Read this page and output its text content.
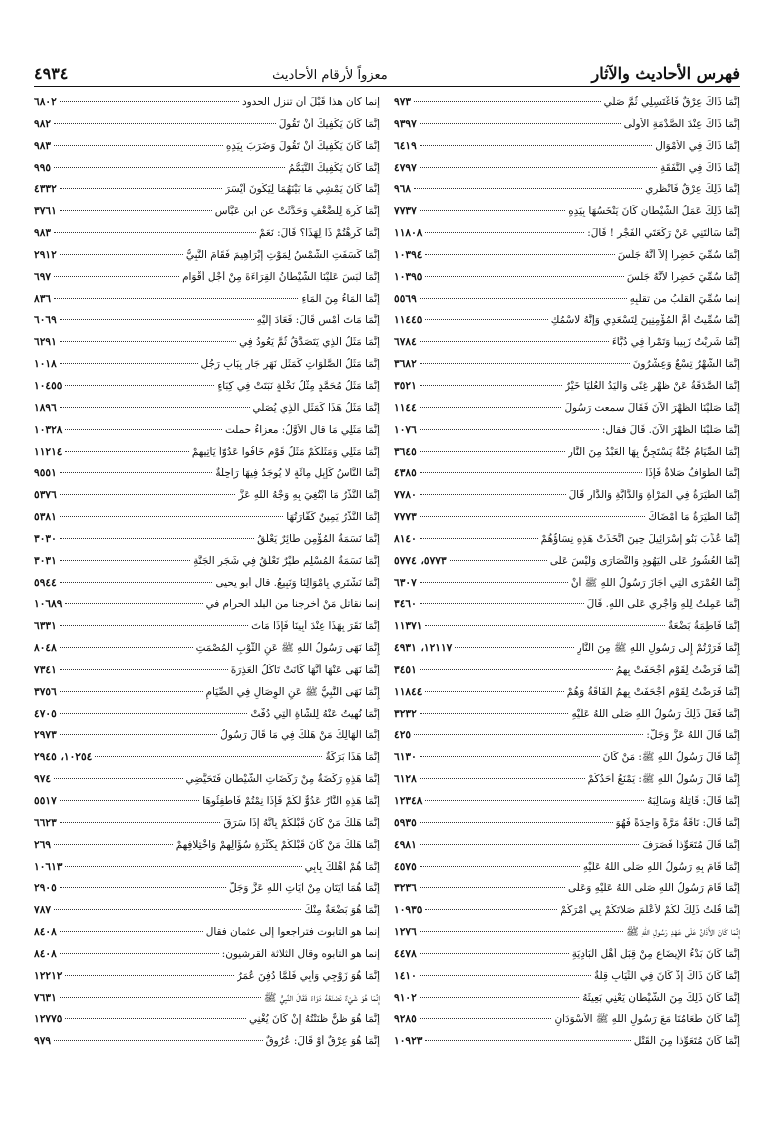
٤٩٣٤	معزواً لأرقام الأحاديث	فهرس الأحاديث والآثار
إِنَّمَا ذَاكَ عِرْقٌ فَاغْتَسِلِي ثُمَّ صَلِّي
٩٧٣
إِنَّمَا ذَاكَ عِنْدَ الصَّدْمَةِ الأُولَى
٩٣٩٧
إِنَّمَا ذَاكَ فِي الأَمْوَالِ
٦٤١٩
إِنَّمَا ذَاكَ فِي النَّفَقَةِ
٤٧٩٧
إِنَّمَا ذَلِكَ عِرْقٌ فَانْظُرِي
٩٦٨
إِنَّمَا ذَلِكَ عَمَلُ الشَّيْطَانِ كَانَ يَنْخَسُهَا بِيَدِهِ
٧٧٣٧
إِنَّمَا سَأَلْتَنِي عَنْ رَكْعَتَيِ الْفَجْرِ ! قَالَ:
١١٨٠٨
إِنَّمَا سُمِّيَ خَضِراً إِلاَّ أَنَّهُ جَلَسَ
١٠٣٩٤
إِنَّمَا سُمِّيَ خَضِراً لأَنَّهُ جَلَسَ
١٠٣٩٥
إنما سُمِّيَ القلبُ من تقلُّبِهِ
٥٥٦٩
إِنَّمَا سُمِّيتُ أُمَّ الْمُؤْمِنِينَ لِتَسْعَدِي وَإِنَّهُ لاسْمُكِ
١١٤٤٥
إِنَّمَا شَرِبْتُ زَبِيباً وَتَمْراً فِي دُبَّاءَ
٦٧٨٤
إِنَّمَا الشَّهْرُ تِسْعٌ وَعِشْرُونَ
٣٦٨٢
إِنَّمَا الصَّدَقَةُ عَنْ ظَهْرِ غِنًى وَالْيَدُ الْعُلْيَا خَيْرٌ
٣٥٢١
إِنَّمَا صَلَّيْنَا الظُّهْرَ الآنَ فَقَالَ سمعت رَسُولَ
١١٤٤
إِنَّمَا صَلَّيْنَا الظُّهْرَ الآنَ. قَالَ فقال:
١٠٧٦
إِنَّمَا الصِّيَامُ جُنَّةٌ يَسْتَجِنُّ بِهَا الْعَبْدُ مِنَ النَّارِ
٣٦٤٥
إِنَّمَا الطَّوَافُ صَلاةٌ فَإِذَا
٤٣٨٥
إِنَّمَا الطِّيَرَةُ فِي الْمَرْأَةِ وَالدَّابَّةِ وَالدَّارِ قَالَ
٧٧٨٠
إِنَّمَا الطِّيَرَةُ مَا أَمْضَاكَ
٧٧٧٣
إِنَّمَا عُذِّبَ بَنُو إِسْرَائِيلَ حِينَ اتَّخَذَتْ هَذِهِ نِسَاؤُهُمْ
٨١٤٠
إِنَّمَا الْعُشُورُ عَلَى الْيَهُودِ وَالنَّصَارَى وَلَيْسَ عَلَى
٥٧٧٣، ٥٧٧٤
إِنَّمَا الْعُمْرَى الَّتِي أَجَازَ رَسُولُ اللهِ ﷺ أَنْ
٦٣٠٧
إِنَّمَا عَمِلْتُ لِلَّهِ وَأَجْرِي عَلَى اللهِ. قَالَ
٣٤٦٠
إِنَّمَا فَاطِمَةُ بَضْعَةٌ
١١٣٧١
إِنَّمَا فَرَرْتُمْ إِلَى رَسُولِ اللهِ ﷺ مِنَ النَّارِ
١٢١١٧، ٤٩٣١
إِنَّمَا فَرَضْتُ لِقَوْمٍ أَجْحَفَتْ بِهِمُ
٣٤٥١
إِنَّمَا فَرَضْتُ لِقَوْمٍ أَجْحَفَتْ بِهِمُ الْفَاقَةُ وَهُمْ
١١٨٤٤
إِنَّمَا فَعَلَ ذَلِكَ رَسُولُ اللهِ صَلَّى اللهُ عَلَيْهِ
٣٢٣٢
إِنَّمَا قَالَ اللهُ عَزَّ وَجَلَّ:
٤٢٥
إِنَّمَا قَالَ رَسُولُ اللهِ ﷺ: مَنْ كَانَ
٦١٣٠
إِنَّمَا قَالَ رَسُولُ اللهِ ﷺ: يَمْنَعُ أَحَدُكُمْ
٦١٢٨
إِنَّمَا قَالَ: قَاتِلَهُ وَسَالِبَهُ
١٢٣٤٨
إِنَّمَا قَالَ: نَاقَةٌ مَرَّةً وَاحِدَةً فَهُوَ
٥٩٣٥
إِنَّمَا قَالَ مُتَعَوِّذاً فَصَرَفَ
٤٩٨١
إِنَّمَا قَامَ بِهِ رَسُولُ اللهِ صَلَّى اللهُ عَلَيْهِ
٤٥٧٥
إِنَّمَا قَامَ رَسُولُ اللهِ صَلَّى اللهُ عَلَيْهِ وَعَلَى
٣٢٣٦
إِنَّمَا قُلْتُ ذَلِكَ لَكُمْ لأَعْلَمَ صَلاتَكُمْ بِي أَمْرَكُمْ
١٠٩٣٥
إِنَّمَا كَانَ الأَذَانُ عَلَى عَهْدِ رَسُولِ اللهِ ﷺ
١٢٧٦
إِنَّمَا كَانَ بَدْءُ الإِيضَاعِ مِنْ قِبَلِ أَهْلِ الْبَادِيَةِ
٤٤٧٨
إِنَّمَا كَانَ ذَاكَ إِذْ كَانَ فِي الثِّيَابِ قِلَّةٌ
١٤١٠
إِنَّمَا كَانَ ذَلِكَ مِنَ الشَّيْطَانِ يَعْنِي بَعِيثَهُ
٩١٠٢
إِنَّمَا كَانَ طَعَامُنَا مَعَ رَسُولِ اللهِ ﷺ الأَسْوَدَانِ
٩٢٨٥
إِنَّمَا كَانَ مُتَعَوِّذاً مِنَ الْقَتْلِ
١٠٩٢٣
إنما كان هذا قَبْلَ أن تنزل الحدود
٦٨٠٢
إِنَّمَا كَانَ يَكْفِيكَ أَنْ تَقُولَ
٩٨٢
إِنَّمَا كَانَ يَكْفِيكَ أَنْ تَقُولَ وَضَرَبَ بِيَدِهِ
٩٨٣
إِنَّمَا كَانَ يَكْفِيكَ التَّيَمُّمُ
٩٩٥
إِنَّمَا كَانَ يَمْشِي مَا بَيْنَهُمَا لِيَكُونَ أَيْسَرَ
٤٣٣٢
إِنَّمَا كُرِهَ لِلضَّعْفِ وَحَدَّثَتْ عن ابنِ عَبَّاسٍ
٣٧٦١
إِنَّمَا كَرِهْتُمْ ذَا لِهَذَا؟ قَالَ: نَعَمْ
٩٨٣
إِنَّمَا كَسَفَتِ الشَّمْسُ لِمَوْتِ إِبْرَاهِيمَ فَقَامَ النَّبِيُّ
٢٩١٢
إِنَّمَا لَبَسَ عَلَيْنَا الشَّيْطَانُ الْقِرَاءَةَ مِنْ أَجْلِ أَقْوَامٍ
٦٩٧
إِنَّمَا الْمَاءُ مِنَ الْمَاءِ
٨٣٦
إِنَّمَا مَاتَ أَمْسِ قَالَ: فَعَادَ إِلَيْهِ
٦٠٦٩
إِنَّمَا مَثَلُ الَّذِي يَتَصَدَّقُ ثُمَّ يَعُودُ فِي
٦٢٩١
إِنَّمَا مَثَلُ الصَّلَوَاتِ كَمَثَلِ نَهَرٍ جَارٍ بِبَابِ رَجُلٍ
١٠١٨
إِنَّمَا مَثَلُ مُحَمَّدٍ مِثْلُ نَخْلَةٍ نَبَتَتْ فِي كِبَاءٍ
١٠٤٥٥
إِنَّمَا مَثَلُ هَذَا كَمَثَلِ الَّذِي يُصَلِّي
١٨٩٦
إِنَّمَا مَثَلِي مَا قال الأَوَّلُ: معزاءُ حملت
١٠٣٢٨
إِنَّمَا مَثَلِي وَمَثَلُكُمْ مَثَلُ قَوْمٍ خَافُوا عَدُوّاً يَأْتِيهِمْ
١١٢١٤
إِنَّمَا النَّاسُ كَإِبِلٍ مِائَةٍ لا يُوجَدُ فِيهَا رَاحِلَةٌ
٩٥٥١
إِنَّمَا النَّذْرُ مَا ابْتُغِيَ بِهِ وَجْهُ اللهِ عَزَّ
٥٣٧٦
إِنَّمَا النَّذْرُ يَمِينٌ كَفَّارَتُهَا
٥٣٨١
إِنَّمَا نَسَمَةُ الْمُؤْمِنِ طَائِرٌ يَعْلُقُ
٣٠٣٠
إِنَّمَا نَسَمَةُ الْمُسْلِمِ طَيْرٌ تَعْلُقُ فِي شَجَرِ الْجَنَّةِ
٣٠٣١
إِنَّمَا نَشْتَرِي بِأَمْوَالِنَا وَنَبِيعُ. قال أبو يحيى
٥٩٤٤
إنما نقاتل مَنْ أخرجنا من البلد الحرام في
١٠٦٨٩
إِنَّمَا نَقَرَ بِهَذَا عِنْدَ أَبِينَا فَإِذَا مَاتَ
٦٣٣١
إِنَّمَا نَهَى رَسُولُ اللهِ ﷺ عَنِ الثَّوْبِ الْمُصْمَتِ
٨٠٤٨
إِنَّمَا نَهَى عَنْهَا أَنَّهَا كَانَتْ تَأْكُلُ الْعَذِرَةَ
٧٣٤١
إِنَّمَا نَهَى النَّبِيُّ ﷺ عَنِ الْوِصَالِ فِي الصِّيَامِ
٣٧٥٦
إِنَّمَا نُهِيتُ عَنْهُ لِلشَّاةِ الَّتِي دُفَّتْ
٤٧٠٥
إِنَّمَا الْهَالِكُ مَنْ هَلَكَ فِي مَا قَالَ رَسُولُ
٢٩٧٣
إِنَّمَا هَذَا بَرَكَةٌ
١٠٢٥٤، ٢٩٤٥
إِنَّمَا هَذِهِ رَكْضَةٌ مِنْ رَكَضَاتِ الشَّيْطَانِ فَتَحَيَّضِي
٩٧٤
إِنَّمَا هَذِهِ النَّارُ عَدُوٌّ لَكُمْ فَإِذَا نِمْتُمْ فَأَطْفِئُوهَا
٥٥١٧
إِنَّمَا هَلَكَ مَنْ كَانَ قَبْلَكُمْ بِأَنَّهُ إِذَا سَرَقَ
٦٦٢٣
إِنَّمَا هَلَكَ مَنْ كَانَ قَبْلَكُمْ بِكَثْرَةِ سُؤَالِهِمْ وَاخْتِلافِهِمْ
٢٦٩
إِنَّمَا هُمْ أَهْلُكَ بِأَبِي
١٠٦١٣
إِنَّمَا هُمَا آيَتَانِ مِنْ آيَاتِ اللهِ عَزَّ وَجَلَّ
٢٩٠٥
إِنَّمَا هُوَ بَضْعَةٌ مِنْكَ
٧٨٧
إنما هو التابوت فتراجعوا إلى عثمان فقال
٨٤٠٨
إنما هو التابوه وقال الثلاثة القرشيون:
٨٤٠٨
إِنَّمَا هُوَ زَوْجِي وَأَبِي فَلَمَّا دُفِنَ عُمَرُ
١٢٢١٢
إِنَّمَا هُوَ شَيْءٌ نَصْنَعُهُ دَوَاءً فَقَالَ النَّبِيُّ ﷺ
٧٦٣١
إِنَّمَا هُوَ ظَنٌّ ظَنَنْتُهُ إِنْ كَانَ يُغْنِي
١٢٧٧٥
إِنَّمَا هُوَ عِرْقٌ أَوْ قَالَ: عُرُوقٌ
٩٧٩
